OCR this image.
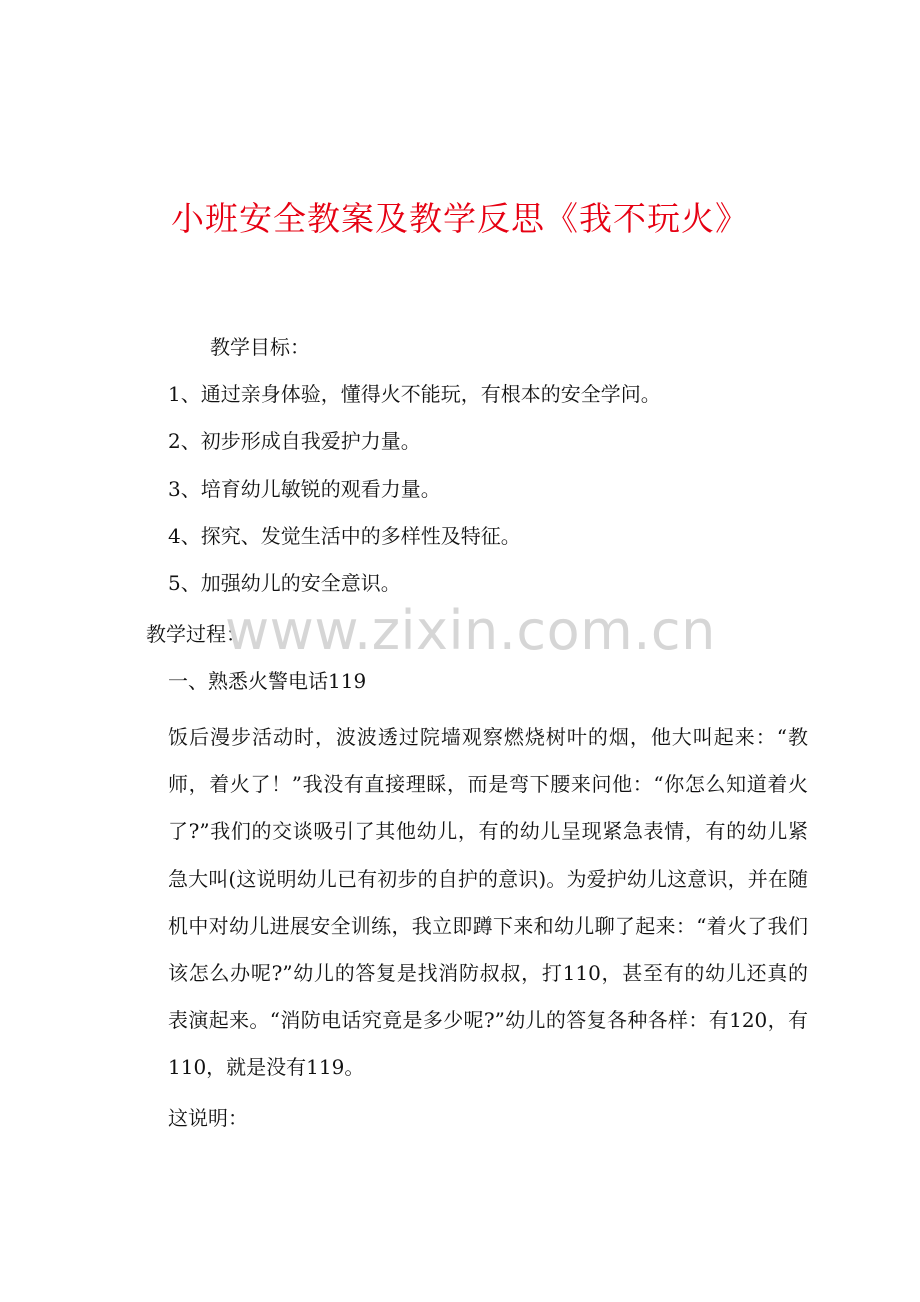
小班安全教案及教学反思《我不玩火》
教学目标：
1、通过亲身体验，懂得火不能玩，有根本的安全学问。
2、初步形成自我爱护力量。
3、培育幼儿敏锐的观看力量。
4、探究、发觉生活中的多样性及特征。
5、加强幼儿的安全意识。
教学过程：
一、熟悉火警电话119
饭后漫步活动时，波波透过院墙观察燃烧树叶的烟，他大叫起来：“教
师，着火了！”我没有直接理睬，而是弯下腰来问他：“你怎么知道着火
了?”我们的交谈吸引了其他幼儿，有的幼儿呈现紧急表情，有的幼儿紧
急大叫(这说明幼儿已有初步的自护的意识)。为爱护幼儿这意识，并在随
机中对幼儿进展安全训练，我立即蹲下来和幼儿聊了起来：“着火了我们
该怎么办呢?”幼儿的答复是找消防叔叔，打110，甚至有的幼儿还真的
表演起来。“消防电话究竟是多少呢?”幼儿的答复各种各样：有120，有
110，就是没有119。
这说明：
www.zixin.com.cn
